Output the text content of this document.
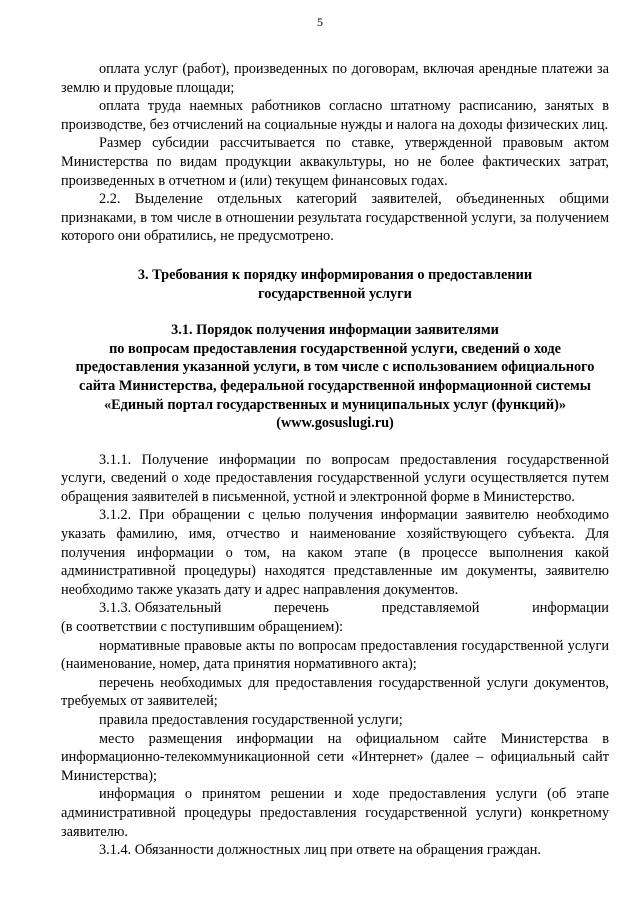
5

оплата услуг (работ), произведенных по договорам, включая арендные платежи за землю и прудовые площади;

оплата труда наемных работников согласно штатному расписанию, занятых в производстве, без отчислений на социальные нужды и налога на доходы физических лиц.

Размер субсидии рассчитывается по ставке, утвержденной правовым актом Министерства по видам продукции аквакультуры, но не более фактических затрат, произведенных в отчетном и (или) текущем финансовых годах.

2.2. Выделение отдельных категорий заявителей, объединенных общими признаками, в том числе в отношении результата государственной услуги, за получением которого они обратились, не предусмотрено.

3. Требования к порядку информирования о предоставлении

государственной услуги

3.1. Порядок получения информации заявителями

по вопросам предоставления государственной услуги, сведений о ходе

предоставления указанной услуги, в том числе с использованием официального

сайта Министерства, федеральной государственной информационной системы

«Единый портал государственных и муниципальных услуг (функций)»

(www.gosuslugi.ru)

3.1.1. Получение информации по вопросам предоставления государственной услуги, сведений о ходе предоставления государственной услуги осуществляется путем обращения заявителей в письменной, устной и электронной форме в Министерство.

3.1.2. При обращении с целью получения информации заявителю необходимо указать фамилию, имя, отчество и наименование хозяйствующего субъекта. Для получения информации о том, на каком этапе (в процессе выполнения какой административной процедуры) находятся представленные им документы, заявителю необходимо также указать дату и адрес направления документов.

3.1.3. Обязательный	перечень	представляемой	информации

(в соответствии с поступившим обращением):

нормативные правовые акты по вопросам предоставления государственной услуги (наименование, номер, дата принятия нормативного акта);

перечень необходимых для предоставления государственной услуги документов, требуемых от заявителей;

правила предоставления государственной услуги;

место размещения информации на официальном сайте Министерства в информационно-телекоммуникационной сети «Интернет» (далее – официальный сайт Министерства);

информация о принятом решении и ходе предоставления услуги (об этапе административной процедуры предоставления государственной услуги) конкретному заявителю.

3.1.4. Обязанности должностных лиц при ответе на обращения граждан.
